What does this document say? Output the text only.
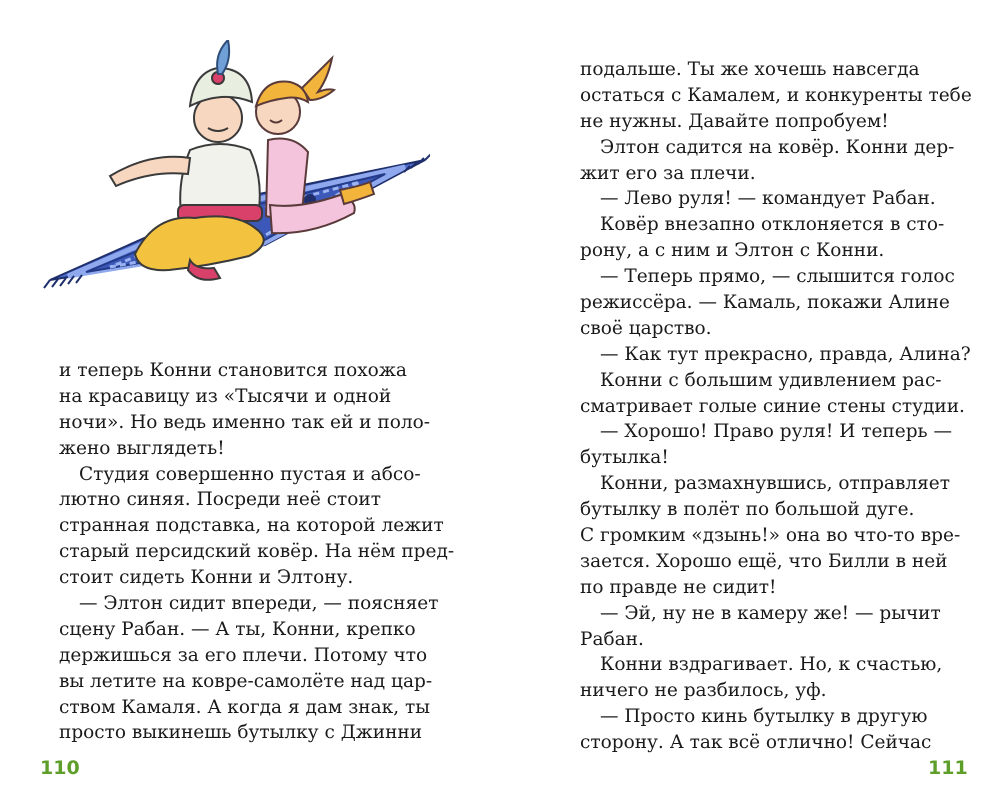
и теперь Конни становится похожа
на красавицу из «Тысячи и одной
ночи». Но ведь именно так ей и поло-
жено выглядеть!
Студия совершенно пустая и абсо-
лютно синяя. Посреди неё стоит
странная подставка, на которой лежит
старый персидский ковёр. На нём пред-
стоит сидеть Конни и Элтону.
— Элтон сидит впереди, — поясняет
сцену Рабан. — А ты, Конни, крепко
держишься за его плечи. Потому что
вы летите на ковре-самолёте над цар-
ством Камаля. А когда я дам знак, ты
просто выкинешь бутылку с Джинни
110
подальше. Ты же хочешь навсегда
остаться с Камалем, и конкуренты тебе
не нужны. Давайте попробуем!
Элтон садится на ковёр. Конни дер-
жит его за плечи.
— Лево руля! — командует Рабан.
Ковёр внезапно отклоняется в сто-
рону, а с ним и Элтон с Конни.
— Теперь прямо, — слышится голос
режиссёра. — Камаль, покажи Алине
своё царство.
— Как тут прекрасно, правда, Алина?
Конни с большим удивлением рас-
сматривает голые синие стены студии.
— Хорошо! Право руля! И теперь —
бутылка!
Конни, размахнувшись, отправляет
бутылку в полёт по большой дуге.
С громким «дзынь!» она во что-то вре-
зается. Хорошо ещё, что Билли в ней
по правде не сидит!
— Эй, ну не в камеру же! — рычит
Рабан.
Конни вздрагивает. Но, к счастью,
ничего не разбилось, уф.
— Просто кинь бутылку в другую
сторону. А так всё отлично! Сейчас
111
